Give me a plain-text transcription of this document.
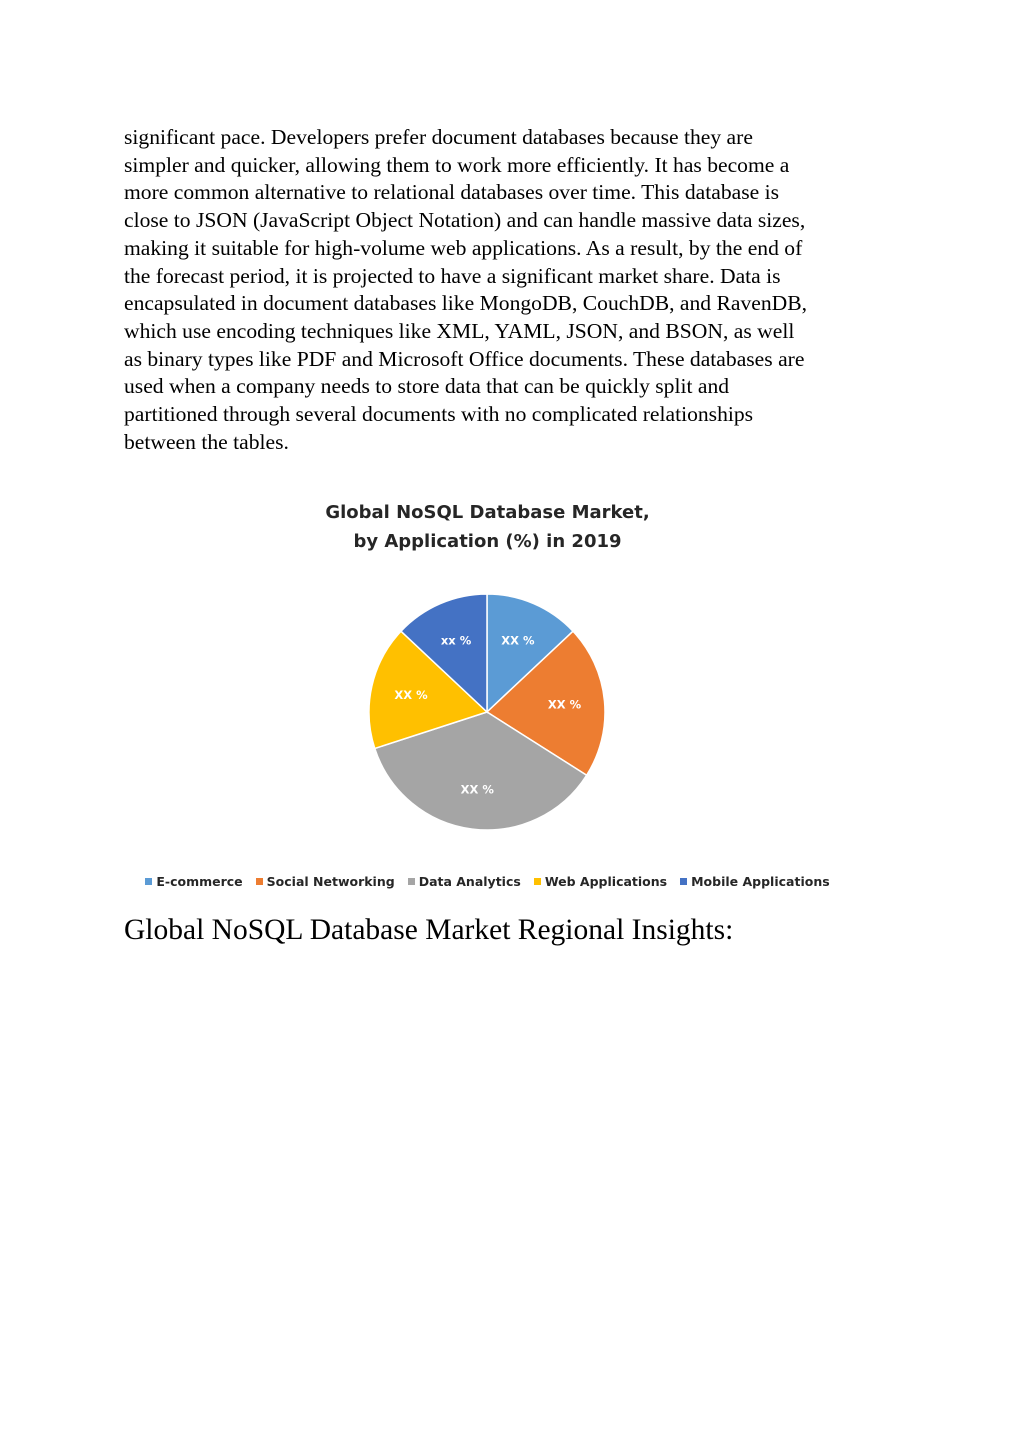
significant pace. Developers prefer document databases because they are
simpler and quicker, allowing them to work more efficiently. It has become a
more common alternative to relational databases over time. This database is
close to JSON (JavaScript Object Notation) and can handle massive data sizes,
making it suitable for high-volume web applications. As a result, by the end of
the forecast period, it is projected to have a significant market share. Data is
encapsulated in document databases like MongoDB, CouchDB, and RavenDB,
which use encoding techniques like XML, YAML, JSON, and BSON, as well
as binary types like PDF and Microsoft Office documents. These databases are
used when a company needs to store data that can be quickly split and
partitioned through several documents with no complicated relationships
between the tables.
Global NoSQL Database Market,
by Application (%) in 2019
XX %
XX %
XX %
XX %
xx %
E-commerce Social Networking Data Analytics Web Applications Mobile Applications
Global NoSQL Database Market Regional Insights:
